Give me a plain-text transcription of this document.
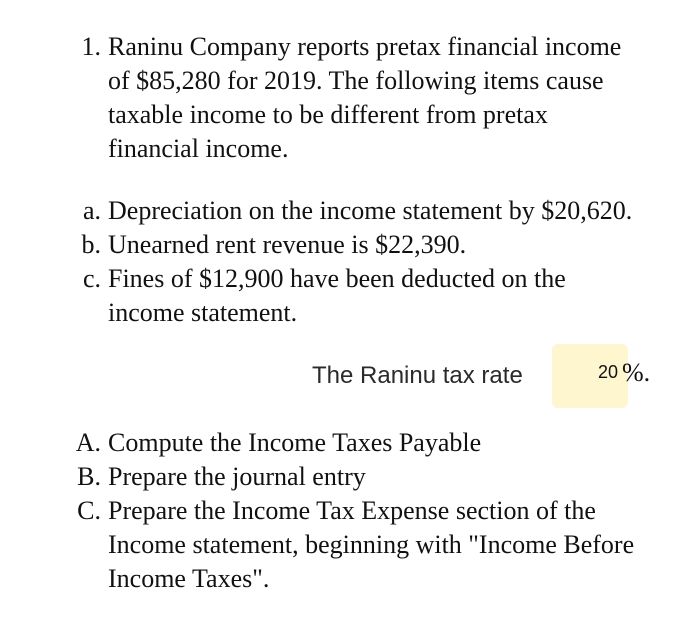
1. Raninu Company reports pretax financial income
of $85,280 for 2019. The following items cause
taxable income to be different from pretax
financial income.
a. Depreciation on the income statement by $20,620.
b. Unearned rent revenue is $22,390.
c. Fines of $12,900 have been deducted on the
income statement.
The Raninu tax rate	20 %.
A. Compute the Income Taxes Payable
B. Prepare the journal entry
C. Prepare the Income Tax Expense section of the
Income statement, beginning with "Income Before
Income Taxes".
